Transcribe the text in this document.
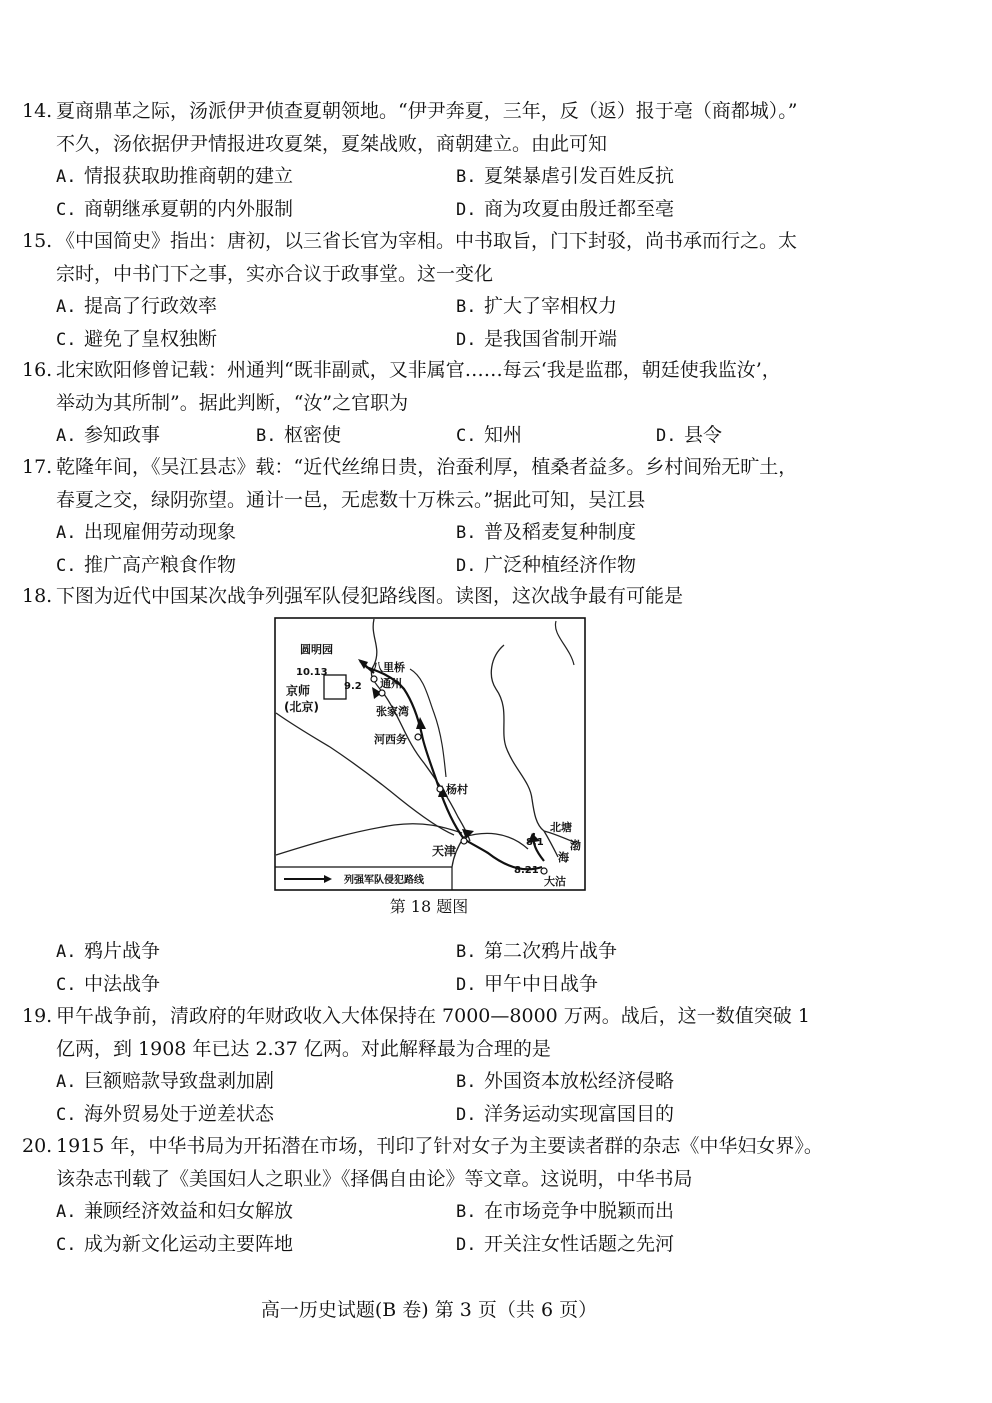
14. 夏商鼎革之际，汤派伊尹侦查夏朝领地。“伊尹奔夏，三年，反（返）报于亳（商都城）。”
不久，汤依据伊尹情报进攻夏桀，夏桀战败，商朝建立。由此可知
A. 情报获取助推商朝的建立	B. 夏桀暴虐引发百姓反抗
C. 商朝继承夏朝的内外服制	D. 商为攻夏由殷迁都至亳
15. 《中国简史》指出：唐初，以三省长官为宰相。中书取旨，门下封驳，尚书承而行之。太
宗时，中书门下之事，实亦合议于政事堂。这一变化
A. 提高了行政效率	B. 扩大了宰相权力
C. 避免了皇权独断	D. 是我国省制开端
16. 北宋欧阳修曾记载：州通判“既非副贰，又非属官……每云‘我是监郡，朝廷使我监汝’，
举动为其所制”。据此判断，“汝”之官职为
A. 参知政事	B. 枢密使	C. 知州	D. 县令
17. 乾隆年间，《吴江县志》载：“近代丝绵日贵，治蚕利厚，植桑者益多。乡村间殆无旷土，
春夏之交，绿阴弥望。通计一邑，无虑数十万株云。”据此可知，吴江县
A. 出现雇佣劳动现象	B. 普及稻麦复种制度
C. 推广高产粮食作物	D. 广泛种植经济作物
18. 下图为近代中国某次战争列强军队侵犯路线图。读图，这次战争最有可能是
圆明园
八里桥
通州
10.13
9.2
京师
(北京)	张家湾
河西务
杨村
天津
北塘
8.1
8.21
大沽
渤
海
列强军队侵犯路线
第 18 题图
A. 鸦片战争	B. 第二次鸦片战争
C. 中法战争	D. 甲午中日战争
19. 甲午战争前，清政府的年财政收入大体保持在 7000—8000 万两。战后，这一数值突破 1
亿两，到 1908 年已达 2.37 亿两。对此解释最为合理的是
A. 巨额赔款导致盘剥加剧	B. 外国资本放松经济侵略
C. 海外贸易处于逆差状态	D. 洋务运动实现富国目的
20. 1915 年，中华书局为开拓潜在市场，刊印了针对女子为主要读者群的杂志《中华妇女界》。
该杂志刊载了《美国妇人之职业》《择偶自由论》等文章。这说明，中华书局
A. 兼顾经济效益和妇女解放	B. 在市场竞争中脱颖而出
C. 成为新文化运动主要阵地	D. 开关注女性话题之先河
高一历史试题(B 卷) 第 3 页（共 6 页）
